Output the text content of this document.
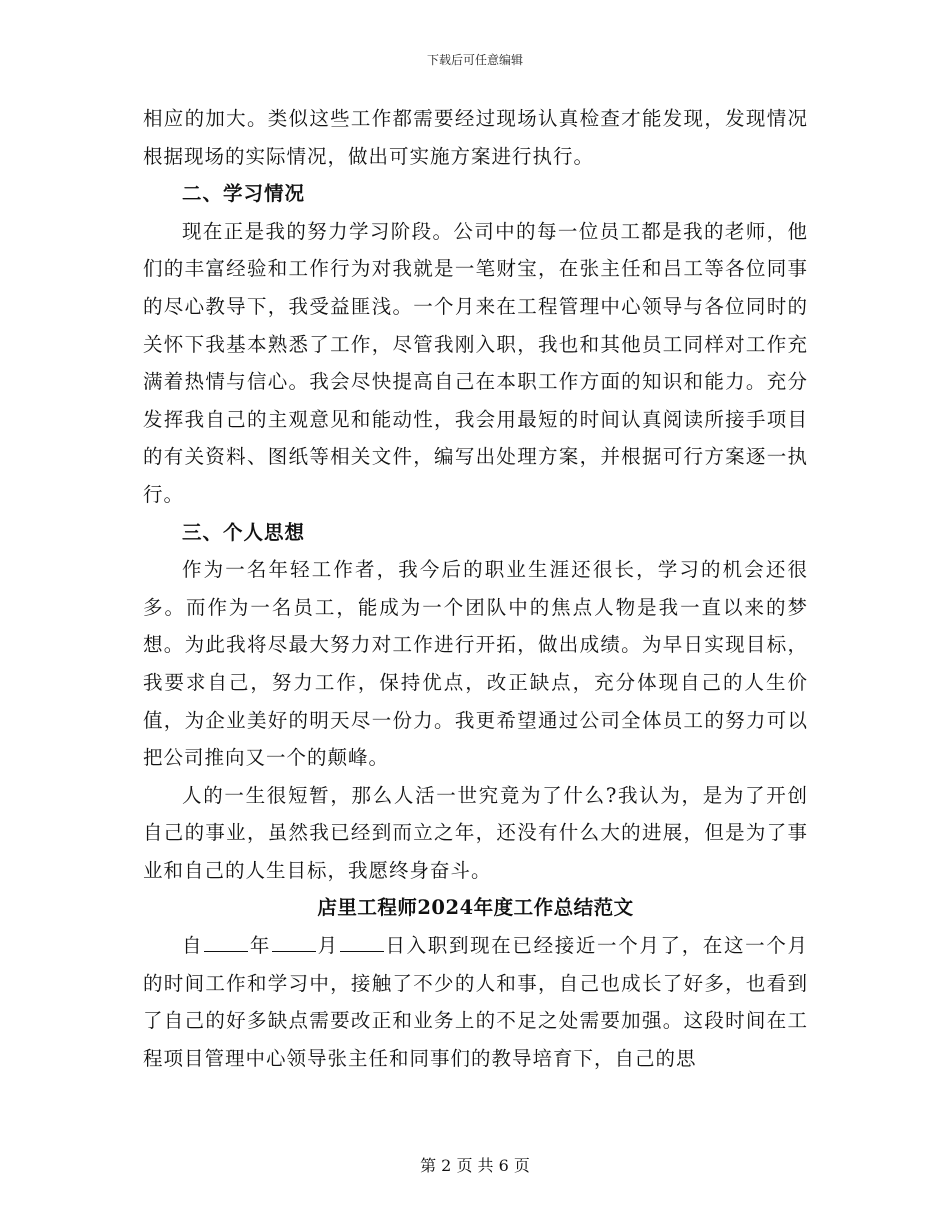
下载后可任意编辑

相应的加大。类似这些工作都需要经过现场认真检查才能发现，发现情况根据现场的实际情况，做出可实施方案进行执行。

二、学习情况

现在正是我的努力学习阶段。公司中的每一位员工都是我的老师，他们的丰富经验和工作行为对我就是一笔财宝，在张主任和吕工等各位同事的尽心教导下，我受益匪浅。一个月来在工程管理中心领导与各位同时的关怀下我基本熟悉了工作，尽管我刚入职，我也和其他员工同样对工作充满着热情与信心。我会尽快提高自己在本职工作方面的知识和能力。充分发挥我自己的主观意见和能动性，我会用最短的时间认真阅读所接手项目的有关资料、图纸等相关文件，编写出处理方案，并根据可行方案逐一执行。

三、个人思想

作为一名年轻工作者，我今后的职业生涯还很长，学习的机会还很多。而作为一名员工，能成为一个团队中的焦点人物是我一直以来的梦想。为此我将尽最大努力对工作进行开拓，做出成绩。为早日实现目标，我要求自己，努力工作，保持优点，改正缺点，充分体现自己的人生价值，为企业美好的明天尽一份力。我更希望通过公司全体员工的努力可以把公司推向又一个的颠峰。

人的一生很短暂，那么人活一世究竟为了什么?我认为，是为了开创自己的事业，虽然我已经到而立之年，还没有什么大的进展，但是为了事业和自己的人生目标，我愿终身奋斗。

店里工程师2024年度工作总结范文

自 年 月 日入职到现在已经接近一个月了，在这一个月的时间工作和学习中，接触了不少的人和事，自己也成长了好多，也看到了自己的好多缺点需要改正和业务上的不足之处需要加强。这段时间在工程项目管理中心领导张主任和同事们的教导培育下，自己的思

第 2 页 共 6 页
